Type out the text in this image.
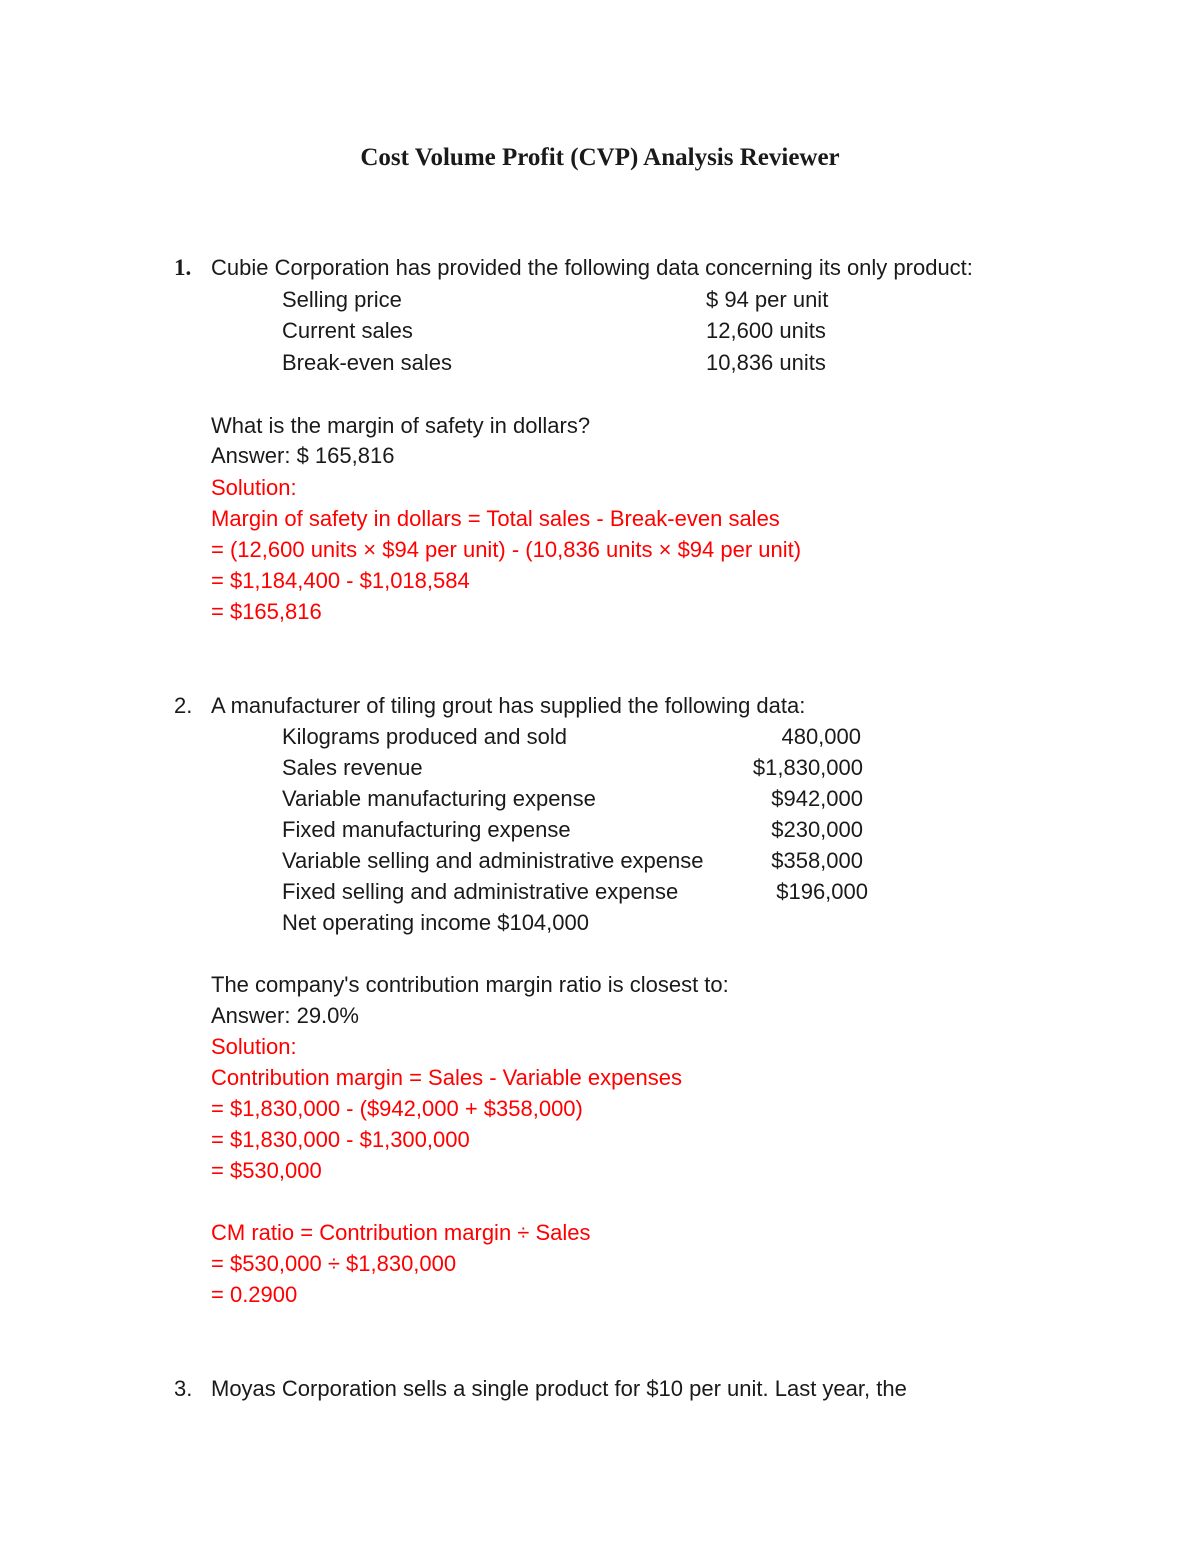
Cost Volume Profit (CVP) Analysis Reviewer
1. Cubie Corporation has provided the following data concerning its only product:
Selling price	$ 94 per unit
Current sales	12,600 units
Break-even sales	10,836 units
What is the margin of safety in dollars?
Answer: $ 165,816
Solution:
Margin of safety in dollars = Total sales - Break-even sales
= (12,600 units × $94 per unit) - (10,836 units × $94 per unit)
= $1,184,400 - $1,018,584
= $165,816
2. A manufacturer of tiling grout has supplied the following data:
Kilograms produced and sold	480,000
Sales revenue	$1,830,000
Variable manufacturing expense	$942,000
Fixed manufacturing expense	$230,000
Variable selling and administrative expense	$358,000
Fixed selling and administrative expense	$196,000
Net operating income $104,000
The company's contribution margin ratio is closest to:
Answer: 29.0%
Solution:
Contribution margin = Sales - Variable expenses
= $1,830,000 - ($942,000 + $358,000)
= $1,830,000 - $1,300,000
= $530,000
CM ratio = Contribution margin ÷ Sales
= $530,000 ÷ $1,830,000
= 0.2900
3. Moyas Corporation sells a single product for $10 per unit. Last year, the
